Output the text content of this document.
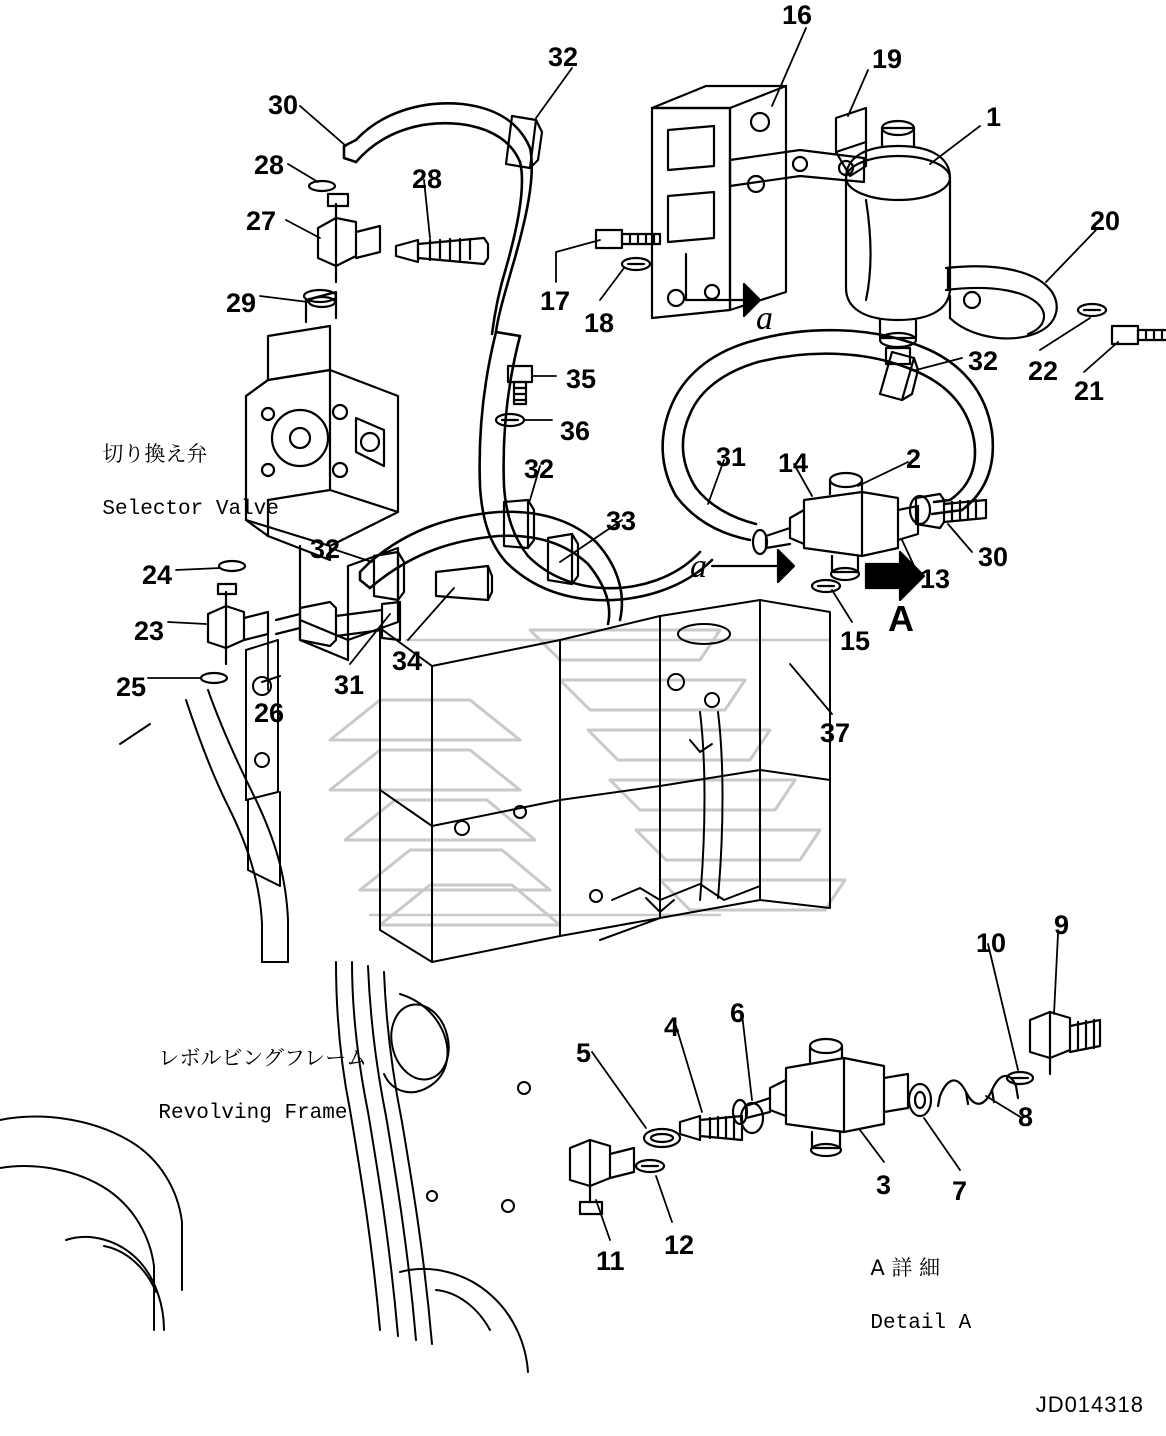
切り換え弁

Selector Valve

レボルビングフレーム

Revolving Frame

A 詳 細

Detail A

a
a
A
JD014318
16
19
32
1
30
28	28
27	20
17
18
29
22
21
32
35
36
31 14	2
32
30
13
33
32
24
23
25
26
31
34
15
37
9
10
6
4
5
8
7
3
11
12
